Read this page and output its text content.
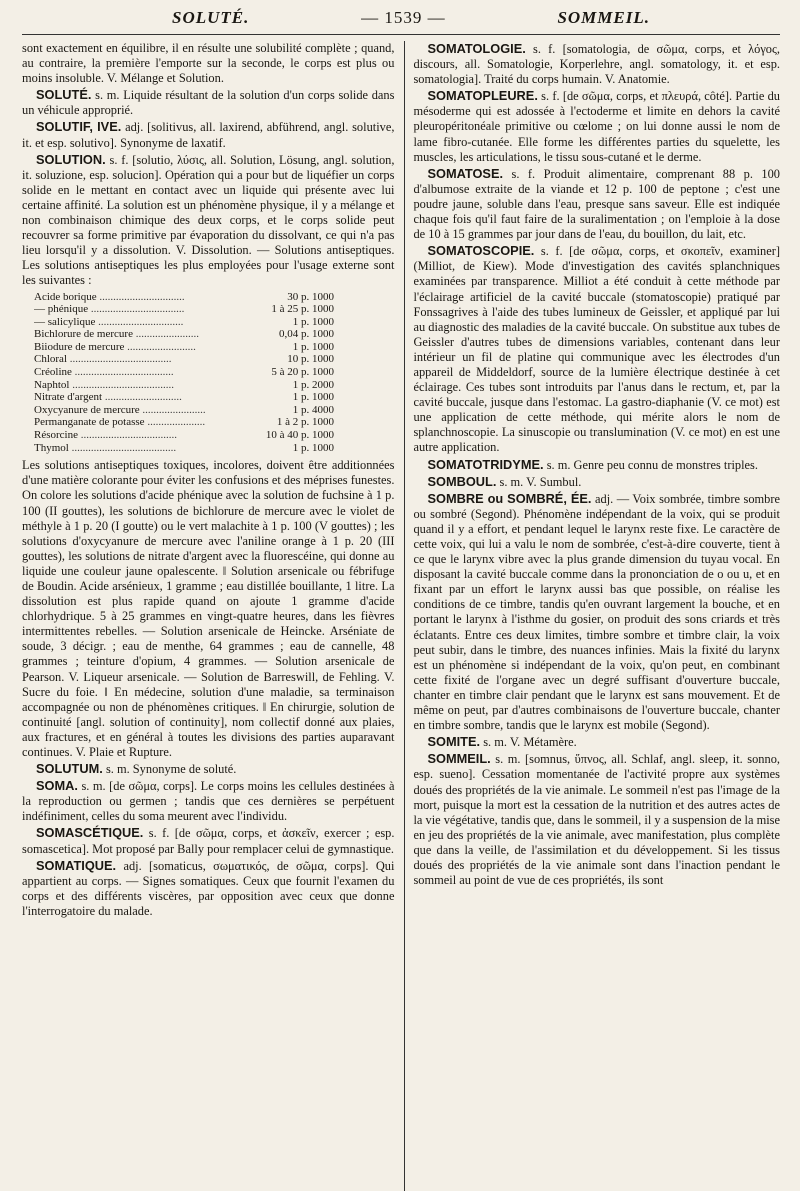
SOLUTÉ.	— 1539 —	SOMMEIL.

sont exactement en équilibre, il en résulte une solubilité complète ; quand, au contraire, la première l'emporte sur la seconde, le corps est plus ou moins insoluble. V. Mélange et Solution.

SOLUTÉ. s. m. Liquide résultant de la solution d'un corps solide dans un véhicule approprié.

SOLUTIF, IVE. adj. [solitivus, all. laxirend, abführend, angl. solutive, it. et esp. solutivo]. Synonyme de laxatif.

SOLUTION. s. f. [solutio, λύσις, all. Solution, Lösung, angl. solution, it. soluzione, esp. solucion]. Opération qui a pour but de liquéfier un corps solide en le mettant en contact avec un liquide qui présente avec lui certaine affinité. La solution est un phénomène physique, il y a mélange et non combinaison chimique des deux corps, et le corps solide peut recouvrer sa forme primitive par évaporation du dissolvant, ce qui n'a pas lieu lorsqu'il y a dissolution. V. Dissolution. — Solutions antiseptiques. Les solutions antiseptiques les plus employées pour l'usage externe sont les suivantes :

Acide borique ...............................	30 p. 1000
— phénique ..................................	1 à 25 p. 1000
— salicylique ...............................	1 p. 1000
Bichlorure de mercure .......................	0,04 p. 1000
Biiodure de mercure .........................	1 p. 1000
Chloral .....................................	10 p. 1000
Créoline ....................................	5 à 20 p. 1000
Naphtol .....................................	1 p. 2000
Nitrate d'argent ............................	1 p. 1000
Oxycyanure de mercure .......................	1 p. 4000
Permanganate de potasse .....................	1 à 2 p. 1000
Résorcine ...................................	10 à 40 p. 1000
Thymol ......................................	1 p. 1000

Les solutions antiseptiques toxiques, incolores, doivent être additionnées d'une matière colorante pour éviter les confusions et des méprises funestes. On colore les solutions d'acide phénique avec la solution de fuchsine à 1 p. 100 (II gouttes), les solutions de bichlorure de mercure avec le violet de méthyle à 1 p. 20 (I goutte) ou le vert malachite à 1 p. 100 (V gouttes) ; les solutions d'oxycyanure de mercure avec l'aniline orange à 1 p. 20 (III gouttes), les solutions de nitrate d'argent avec la fluorescéine, qui donne au liquide une couleur jaune opalescente. ‖ Solution arsenicale ou fébrifuge de Boudin. Acide arsénieux, 1 gramme ; eau distillée bouillante, 1 litre. La dissolution est plus rapide quand on ajoute 1 gramme d'acide chlorhydrique. 5 à 25 grammes en vingt-quatre heures, dans les fièvres intermittentes rebelles. — Solution arsenicale de Heincke. Arséniate de soude, 3 décigr. ; eau de menthe, 64 grammes ; eau de cannelle, 48 grammes ; teinture d'opium, 4 grammes. — Solution arsenicale de Pearson. V. Liqueur arsenicale. — Solution de Barreswill, de Fehling. V. Sucre du foie. ‖ En médecine, solution d'une maladie, sa terminaison accompagnée ou non de phénomènes critiques. ‖ En chirurgie, solution de continuité [angl. solution of continuity], nom collectif donné aux plaies, aux fractures, et en général à toutes les divisions des parties auparavant continues. V. Plaie et Rupture.

SOLUTUM. s. m. Synonyme de soluté.

SOMA. s. m. [de σῶμα, corps]. Le corps moins les cellules destinées à la reproduction ou germen ; tandis que ces dernières se perpétuent indéfiniment, celles du soma meurent avec l'individu.

SOMASCÉTIQUE. s. f. [de σῶμα, corps, et ἀσκεῖν, exercer ; esp. somascetica]. Mot proposé par Bally pour remplacer celui de gymnastique.

SOMATIQUE. adj. [somaticus, σωματικός, de σῶμα, corps]. Qui appartient au corps. — Signes somatiques. Ceux que fournit l'examen du corps et des différents viscères, par opposition avec ceux que donne l'interrogatoire du malade.

SOMATOLOGIE. s. f. [somatologia, de σῶμα, corps, et λόγος, discours, all. Somatologie, Korperlehre, angl. somatology, it. et esp. somatologia]. Traité du corps humain. V. Anatomie.

SOMATOPLEURE. s. f. [de σῶμα, corps, et πλευρά, côté]. Partie du mésoderme qui est adossée à l'ectoderme et limite en dehors la cavité pleuropéritonéale primitive ou cœlome ; on lui donne aussi le nom de lame fibro-cutanée. Elle forme les différentes parties du squelette, les muscles, les articulations, le tissu sous-cutané et le derme.

SOMATOSE. s. f. Produit alimentaire, comprenant 88 p. 100 d'albumose extraite de la viande et 12 p. 100 de peptone ; c'est une poudre jaune, soluble dans l'eau, presque sans saveur. Elle est indiquée chaque fois qu'il faut faire de la suralimentation ; on l'emploie à la dose de 10 à 15 grammes par jour dans de l'eau, du bouillon, du lait, etc.

SOMATOSCOPIE. s. f. [de σῶμα, corps, et σκοπεῖν, examiner] (Milliot, de Kiew). Mode d'investigation des cavités splanchniques examinées par transparence. Milliot a été conduit à cette méthode par l'éclairage artificiel de la cavité buccale (stomatoscopie) pratiqué par Fonssagrives à l'aide des tubes lumineux de Geissler, et appliqué par lui au diagnostic des maladies de la cavité buccale. On substitue aux tubes de Geissler d'autres tubes de dimensions variables, contenant dans leur intérieur un fil de platine qui communique avec les électrodes d'un appareil de Middeldorf, source de la lumière électrique destinée à cet éclairage. Ces tubes sont introduits par l'anus dans le rectum, et, par la cavité buccale, jusque dans l'estomac. La gastro-diaphanie (V. ce mot) est une application de cette méthode, qui mérite alors le nom de splanchnoscopie. La sinuscopie ou translumination (V. ce mot) en est une autre application.

SOMATOTRIDYME. s. m. Genre peu connu de monstres triples.

SOMBOUL. s. m. V. Sumbul.

SOMBRE ou SOMBRÉ, ÉE. adj. — Voix sombrée, timbre sombre ou sombré (Segond). Phénomène indépendant de la voix, qui se produit quand il y a effort, et pendant lequel le larynx reste fixe. Le caractère de cette voix, qui lui a valu le nom de sombrée, c'est-à-dire couverte, tient à ce que le larynx vibre avec la plus grande dimension du tuyau vocal. En disposant la cavité buccale comme dans la prononciation de o ou u, et en fixant par un effort le larynx aussi bas que possible, on réalise les conditions de ce timbre, tandis qu'en ouvrant largement la bouche, et en portant le larynx à l'isthme du gosier, on produit des sons criards et très éclatants. Entre ces deux limites, timbre sombre et timbre clair, la voix peut subir, dans le timbre, des nuances infinies. Mais la fixité du larynx est un phénomène si indépendant de la voix, qu'on peut, en combinant cette fixité de l'organe avec un degré suffisant d'ouverture buccale, chanter en timbre clair pendant que le larynx est sans mouvement. Et de même on peut, par d'autres combinaisons de l'ouverture buccale, chanter en timbre sombre, tandis que le larynx est mobile (Segond).

SOMITE. s. m. V. Métamère.

SOMMEIL. s. m. [somnus, ὕπνος, all. Schlaf, angl. sleep, it. sonno, esp. sueno]. Cessation momentanée de l'activité propre aux systèmes doués des propriétés de la vie animale. Le sommeil n'est pas l'image de la mort, puisque la mort est la cessation de la nutrition et des autres actes de la vie végétative, tandis que, dans le sommeil, il y a suspension de la mise en jeu des propriétés de la vie animale, avec manifestation, plus complète que dans la veille, de l'assimilation et du développement. Si les tissus doués des propriétés de la vie animale sont dans l'inaction pendant le sommeil au point de vue de ces propriétés, ils sont
